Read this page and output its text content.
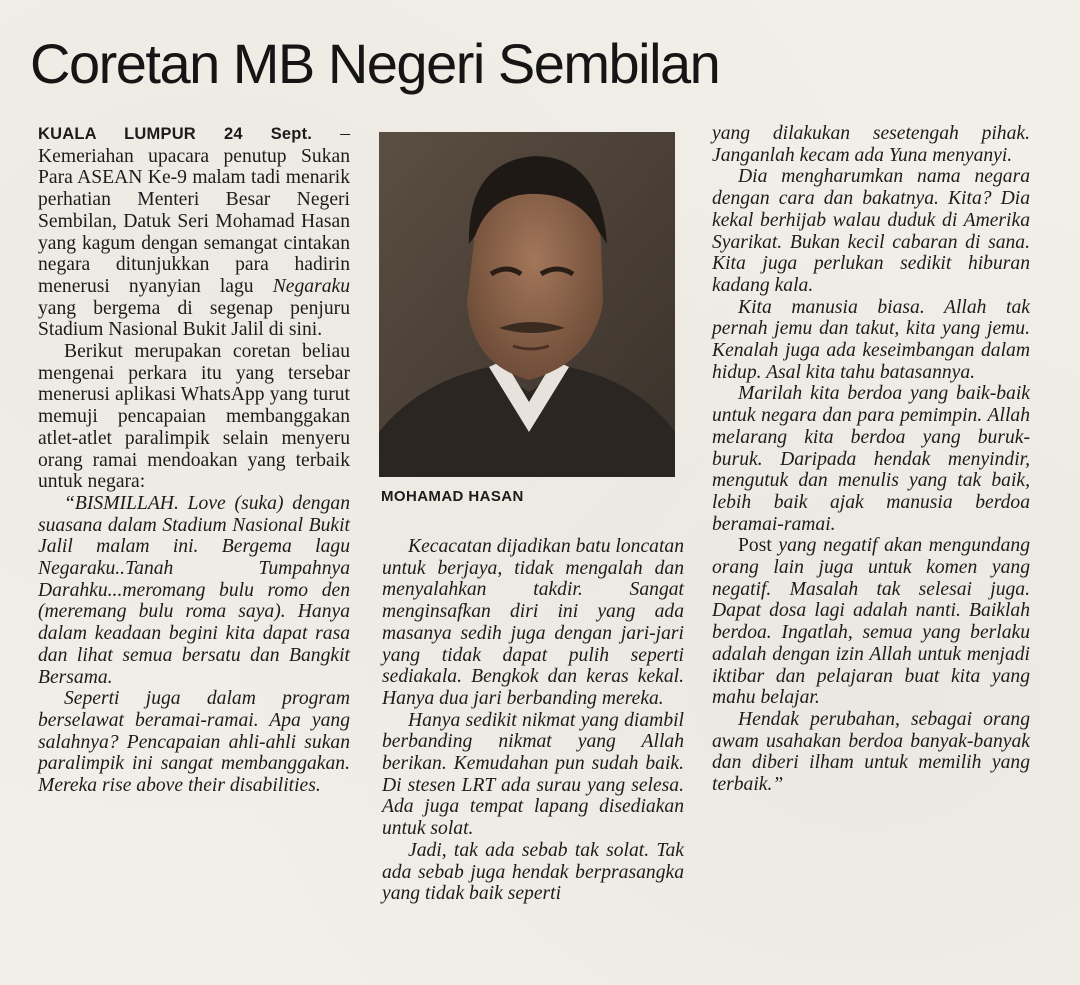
Coretan MB Negeri Sembilan

KUALA LUMPUR 24 Sept. – Kemeriahan upacara penutup Sukan Para ASEAN Ke-9 malam tadi menarik perhatian Menteri Besar Negeri Sembilan, Datuk Seri Mohamad Hasan yang kagum dengan semangat cintakan negara ditunjukkan para hadirin menerusi nyanyian lagu Negaraku yang bergema di segenap penjuru Stadium Nasional Bukit Jalil di sini.

Berikut merupakan coretan beliau mengenai perkara itu yang tersebar menerusi aplikasi WhatsApp yang turut memuji pencapaian membanggakan atlet-atlet paralimpik selain menyeru orang ramai mendoakan yang terbaik untuk negara:

“BISMILLAH. Love (suka) dengan suasana dalam Stadium Nasional Bukit Jalil malam ini. Bergema lagu Negaraku..Tanah Tumpahnya Darahku...meromang bulu romo den (meremang bulu roma saya). Hanya dalam keadaan begini kita dapat rasa dan lihat semua bersatu dan Bangkit Bersama.

Seperti juga dalam program berselawat beramai-ramai. Apa yang salahnya? Pencapaian ahli-ahli sukan paralimpik ini sangat membanggakan. Mereka rise above their disabilities.

MOHAMAD HASAN

Kecacatan dijadikan batu loncatan untuk berjaya, tidak mengalah dan menyalahkan takdir. Sangat menginsafkan diri ini yang ada masanya sedih juga dengan jari-jari yang tidak dapat pulih seperti sediakala. Bengkok dan keras kekal. Hanya dua jari berbanding mereka.

Hanya sedikit nikmat yang diambil berbanding nikmat yang Allah berikan. Kemudahan pun sudah baik. Di stesen LRT ada surau yang selesa. Ada juga tempat lapang disediakan untuk solat.

Jadi, tak ada sebab tak solat. Tak ada sebab juga hendak berprasangka yang tidak baik seperti

yang dilakukan sesetengah pihak. Janganlah kecam ada Yuna menyanyi.

Dia mengharumkan nama negara dengan cara dan bakatnya. Kita? Dia kekal berhijab walau duduk di Amerika Syarikat. Bukan kecil cabaran di sana. Kita juga perlukan sedikit hiburan kadang kala.

Kita manusia biasa. Allah tak pernah jemu dan takut, kita yang jemu. Kenalah juga ada keseimbangan dalam hidup. Asal kita tahu batasannya.

Marilah kita berdoa yang baik-baik untuk negara dan para pemimpin. Allah melarang kita berdoa yang buruk-buruk. Daripada hendak menyindir, mengutuk dan menulis yang tak baik, lebih baik ajak manusia berdoa beramai-ramai.

Post yang negatif akan mengundang orang lain juga untuk komen yang negatif. Masalah tak selesai juga. Dapat dosa lagi adalah nanti. Baiklah berdoa. Ingatlah, semua yang berlaku adalah dengan izin Allah untuk menjadi iktibar dan pelajaran buat kita yang mahu belajar.

Hendak perubahan, sebagai orang awam usahakan berdoa banyak-banyak dan diberi ilham untuk memilih yang terbaik.”
